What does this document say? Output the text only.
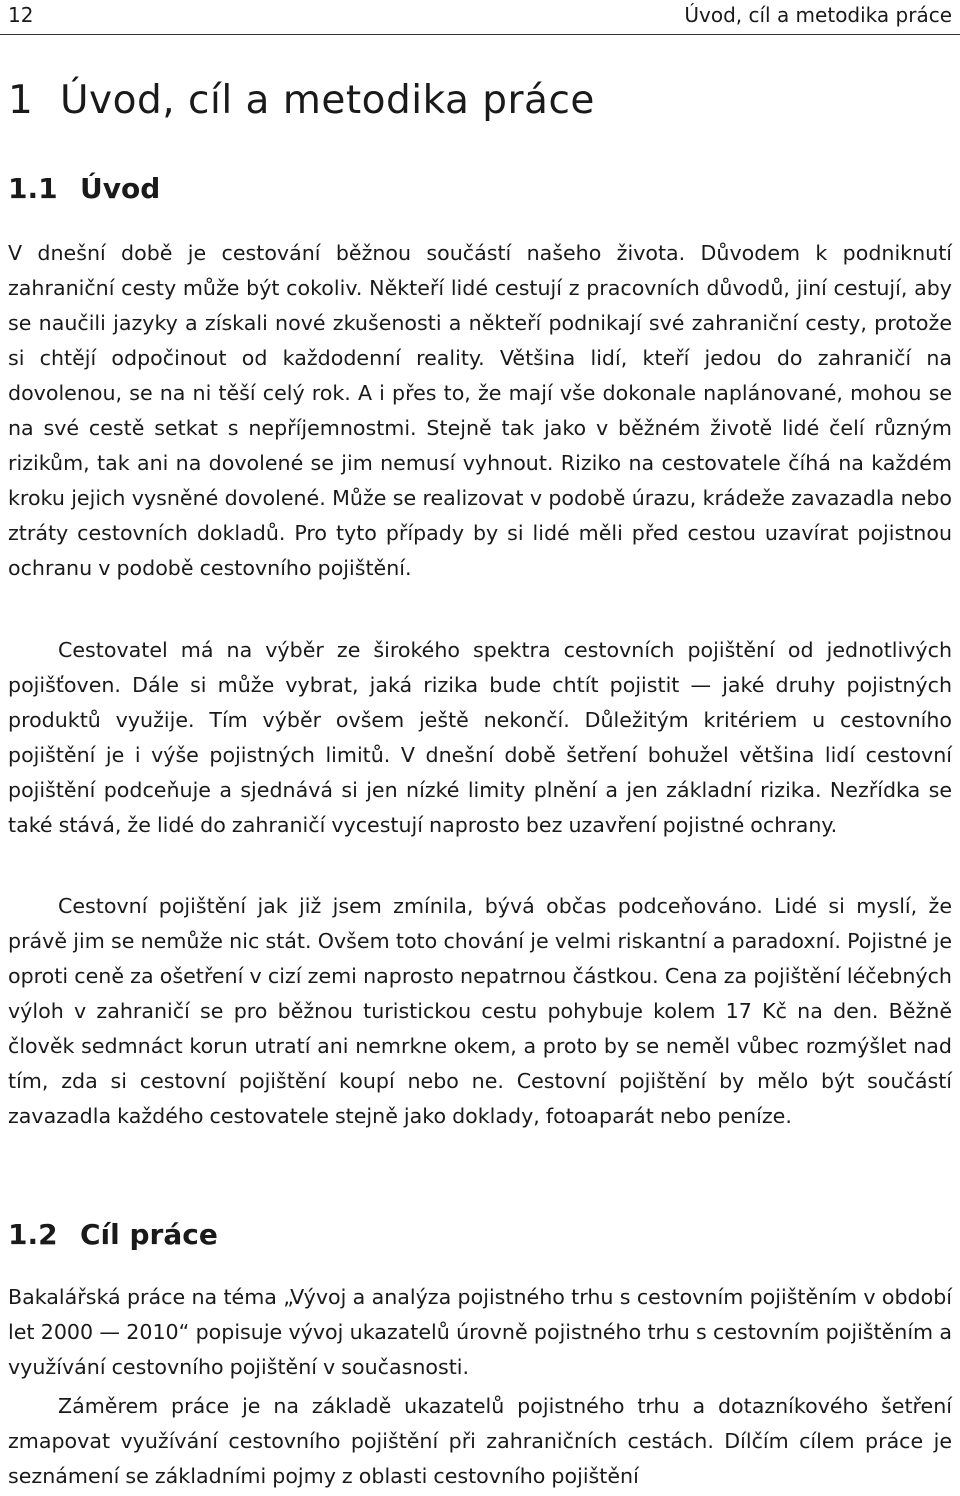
12	Úvod, cíl a metodika práce
1 Úvod, cíl a metodika práce
1.1 Úvod

V dnešní době je cestování běžnou součástí našeho života. Důvodem k podniknutí zahraniční cesty může být cokoliv. Někteří lidé cestují z pracovních důvodů, jiní cestují, aby se naučili jazyky a získali nové zkušenosti a někteří podnikají své zahraniční cesty, protože si chtějí odpočinout od každodenní reality. Většina lidí, kteří jedou do zahraničí na dovolenou, se na ni těší celý rok. A i přes to, že mají vše dokonale naplánované, mohou se na své cestě setkat s nepříjemnostmi. Stejně tak jako v běžném životě lidé čelí různým rizikům, tak ani na dovolené se jim nemusí vyhnout. Riziko na cestovatele číhá na každém kroku jejich vysněné dovolené. Může se realizovat v podobě úrazu, krádeže zavazadla nebo ztráty cestovních dokladů. Pro tyto případy by si lidé měli před cestou uzavírat pojistnou ochranu v podobě cestovního pojištění.

Cestovatel má na výběr ze širokého spektra cestovních pojištění od jednotlivých pojišťoven. Dále si může vybrat, jaká rizika bude chtít pojistit — jaké druhy pojistných produktů využije. Tím výběr ovšem ještě nekončí. Důležitým kritériem u cestovního pojištění je i výše pojistných limitů. V dnešní době šetření bohužel většina lidí cestovní pojištění podceňuje a sjednává si jen nízké limity plnění a jen základní rizika. Nezřídka se také stává, že lidé do zahraničí vycestují naprosto bez uzavření pojistné ochrany.

Cestovní pojištění jak již jsem zmínila, bývá občas podceňováno. Lidé si myslí, že právě jim se nemůže nic stát. Ovšem toto chování je velmi riskantní a paradoxní. Pojistné je oproti ceně za ošetření v cizí zemi naprosto nepatrnou částkou. Cena za pojištění léčebných výloh v zahraničí se pro běžnou turistickou cestu pohybuje kolem 17 Kč na den. Běžně člověk sedmnáct korun utratí ani nemrkne okem, a proto by se neměl vůbec rozmýšlet nad tím, zda si cestovní pojištění koupí nebo ne. Cestovní pojištění by mělo být součástí zavazadla každého cestovatele stejně jako doklady, fotoaparát nebo peníze.

1.2 Cíl práce

Bakalářská práce na téma „Vývoj a analýza pojistného trhu s cestovním pojištěním v období let 2000 — 2010“ popisuje vývoj ukazatelů úrovně pojistného trhu s cestovním pojištěním a využívání cestovního pojištění v současnosti.

Záměrem práce je na základě ukazatelů pojistného trhu a dotazníkového šetření zmapovat využívání cestovního pojištění při zahraničních cestách. Dílčím cílem práce je seznámení se základními pojmy z oblasti cestovního pojištění
